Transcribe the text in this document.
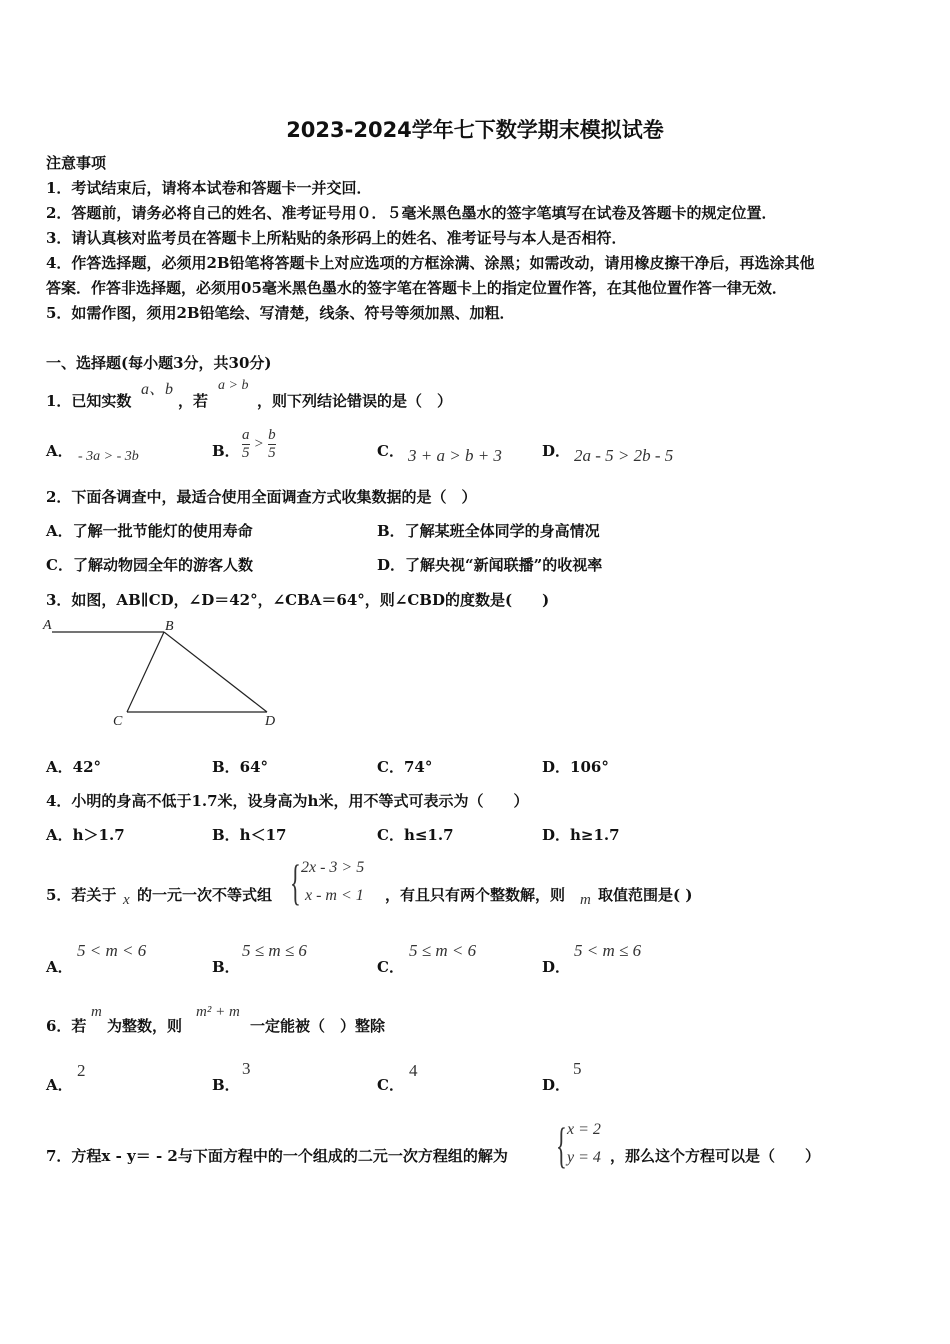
2023-2024学年七下数学期末模拟试卷
注意事项
1．考试结束后，请将本试卷和答题卡一并交回．
2．答题前，请务必将自己的姓名、准考证号用０．５毫米黑色墨水的签字笔填写在试卷及答题卡的规定位置．
3．请认真核对监考员在答题卡上所粘贴的条形码上的姓名、准考证号与本人是否相符．
4．作答选择题，必须用2B铅笔将答题卡上对应选项的方框涂满、涂黑；如需改动，请用橡皮擦干净后，再选涂其他
答案．作答非选择题，必须用05毫米黑色墨水的签字笔在答题卡上的指定位置作答，在其他位置作答一律无效．
5．如需作图，须用2B铅笔绘、写清楚，线条、符号等须加黑、加粗．
一、选择题(每小题3分，共30分)
1．已知实数
a、b
，若
a > b
，则下列结论错误的是（　）
A． - 3a > - 3b	B． $\frac{a}{5} > \frac{b}{5}$	C． 3 + a > b + 3	D． 2a - 5 > 2b - 5
2．下面各调查中，最适合使用全面调查方式收集数据的是（　）
A．了解一批节能灯的使用寿命	B．了解某班全体同学的身高情况
C．了解动物园全年的游客人数	D．了解央视“新闻联播”的收视率
3．如图，AB∥CD，∠D＝42°，∠CBA＝64°，则∠CBD的度数是(　　)
A	B
C	D
A．42°	B．64°	C．74°	D．106°
4．小明的身高不低于1.7米，设身高为h米，用不等式可表示为（　　）
A．h＞1.7	B．h＜17	C．h≤1.7	D．h≥1.7
5．若关于 x 的一元一次不等式组 { 2x - 3 > 5
x - m < 1 ，有且只有两个整数解，则 m 取值范围是( )
A．
5 < m < 6
B．
5 ≤ m ≤ 6
C．
5 ≤ m < 6
D．
5 < m ≤ 6
6．若
m
为整数，则
m² + m
一定能被（　）整除
A．
2
B．
3
C．
4
D．
5
7．方程x - y＝ - 2与下面方程中的一个组成的二元一次方程组的解为 { x = 2
y = 4 ，那么这个方程可以是（　　）
